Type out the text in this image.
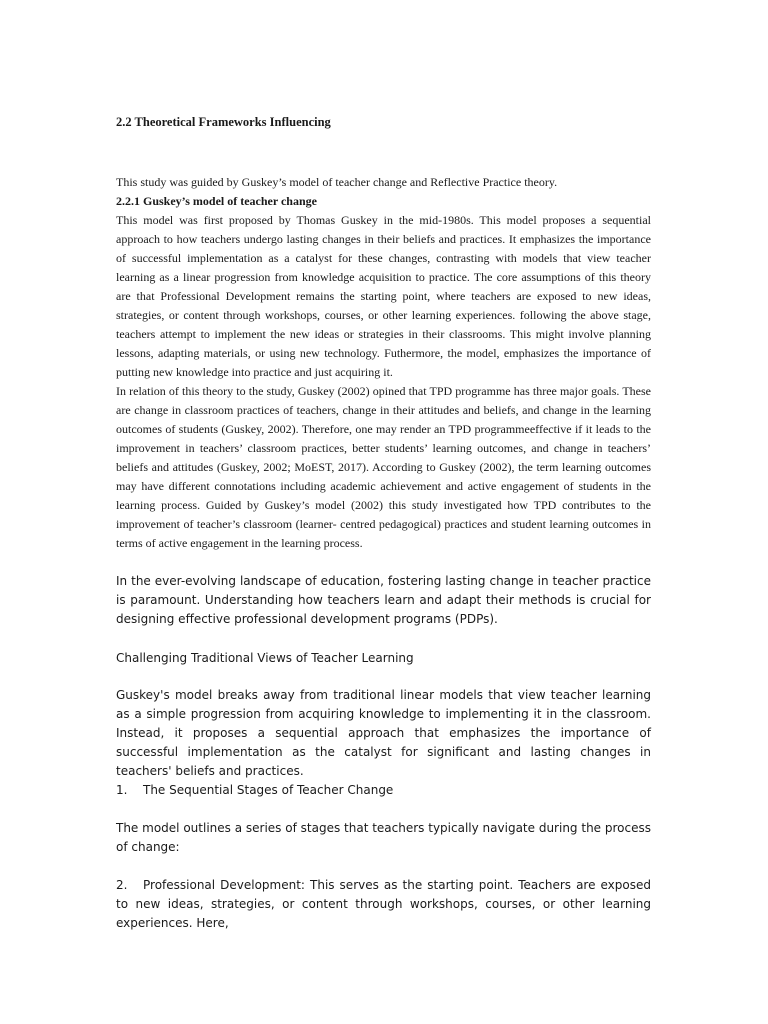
2.2 Theoretical Frameworks Influencing
This study was guided by Guskey’s model of teacher change and Reflective Practice theory.
2.2.1 Guskey’s model of teacher change

This model was first proposed by Thomas Guskey in the mid-1980s. This model proposes a sequential approach to how teachers undergo lasting changes in their beliefs and practices. It emphasizes the importance of successful implementation as a catalyst for these changes, contrasting with models that view teacher learning as a linear progression from knowledge acquisition to practice. The core assumptions of this theory are that Professional Development remains the starting point, where teachers are exposed to new ideas, strategies, or content through workshops, courses, or other learning experiences. following the above stage, teachers attempt to implement the new ideas or strategies in their classrooms. This might involve planning lessons, adapting materials, or using new technology. Futhermore, the model, emphasizes the importance of putting new knowledge into practice and just acquiring it.

In relation of this theory to the study, Guskey (2002) opined that TPD programme has three major goals. These are change in classroom practices of teachers, change in their attitudes and beliefs, and change in the learning outcomes of students (Guskey, 2002). Therefore, one may render an TPD programmeeffective if it leads to the improvement in teachers’ classroom practices, better students’ learning outcomes, and change in teachers’ beliefs and attitudes (Guskey, 2002; MoEST, 2017). According to Guskey (2002), the term learning outcomes may have different connotations including academic achievement and active engagement of students in the learning process. Guided by Guskey’s model (2002) this study investigated how TPD contributes to the improvement of teacher’s classroom (learner- centred pedagogical) practices and student learning outcomes in terms of active engagement in the learning process.

In the ever-evolving landscape of education, fostering lasting change in teacher practice is paramount. Understanding how teachers learn and adapt their methods is crucial for designing effective professional development programs (PDPs).

Challenging Traditional Views of Teacher Learning

Guskey's model breaks away from traditional linear models that view teacher learning as a simple progression from acquiring knowledge to implementing it in the classroom. Instead, it proposes a sequential approach that emphasizes the importance of successful implementation as the catalyst for significant and lasting changes in teachers' beliefs and practices.

1. The Sequential Stages of Teacher Change

The model outlines a series of stages that teachers typically navigate during the process of change:

2. Professional Development: This serves as the starting point. Teachers are exposed to new ideas, strategies, or content through workshops, courses, or other learning experiences. Here,
